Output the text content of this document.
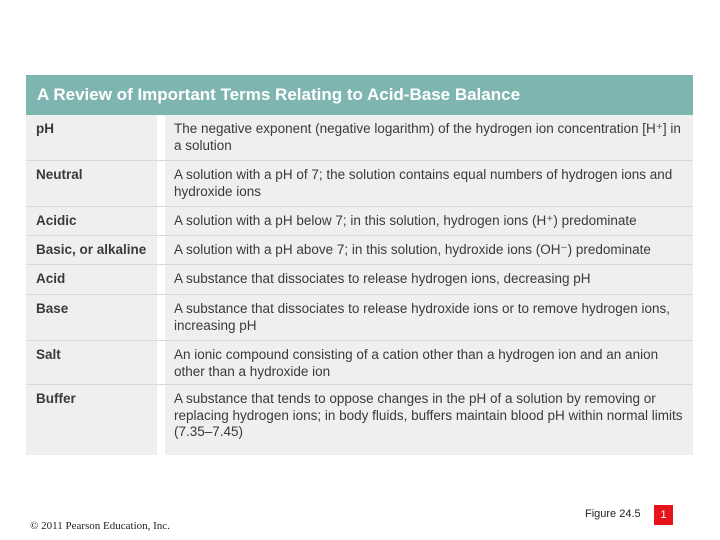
A Review of Important Terms Relating to Acid-Base Balance
pH	The negative exponent (negative logarithm) of the hydrogen ion concentration [H⁺] in a solution
Neutral	A solution with a pH of 7; the solution contains equal numbers of hydrogen ions and hydroxide ions
Acidic	A solution with a pH below 7; in this solution, hydrogen ions (H⁺) predominate
Basic, or alkaline	A solution with a pH above 7; in this solution, hydroxide ions (OH⁻) predominate
Acid	A substance that dissociates to release hydrogen ions, decreasing pH
Base	A substance that dissociates to release hydroxide ions or to remove hydrogen ions, increasing pH
Salt	An ionic compound consisting of a cation other than a hydrogen ion and an anion other than a hydroxide ion
Buffer	A substance that tends to oppose changes in the pH of a solution by removing or replacing hydrogen ions; in body fluids, buffers maintain blood pH within normal limits (7.35–7.45)
© 2011 Pearson Education, Inc.
Figure 24.5	1
